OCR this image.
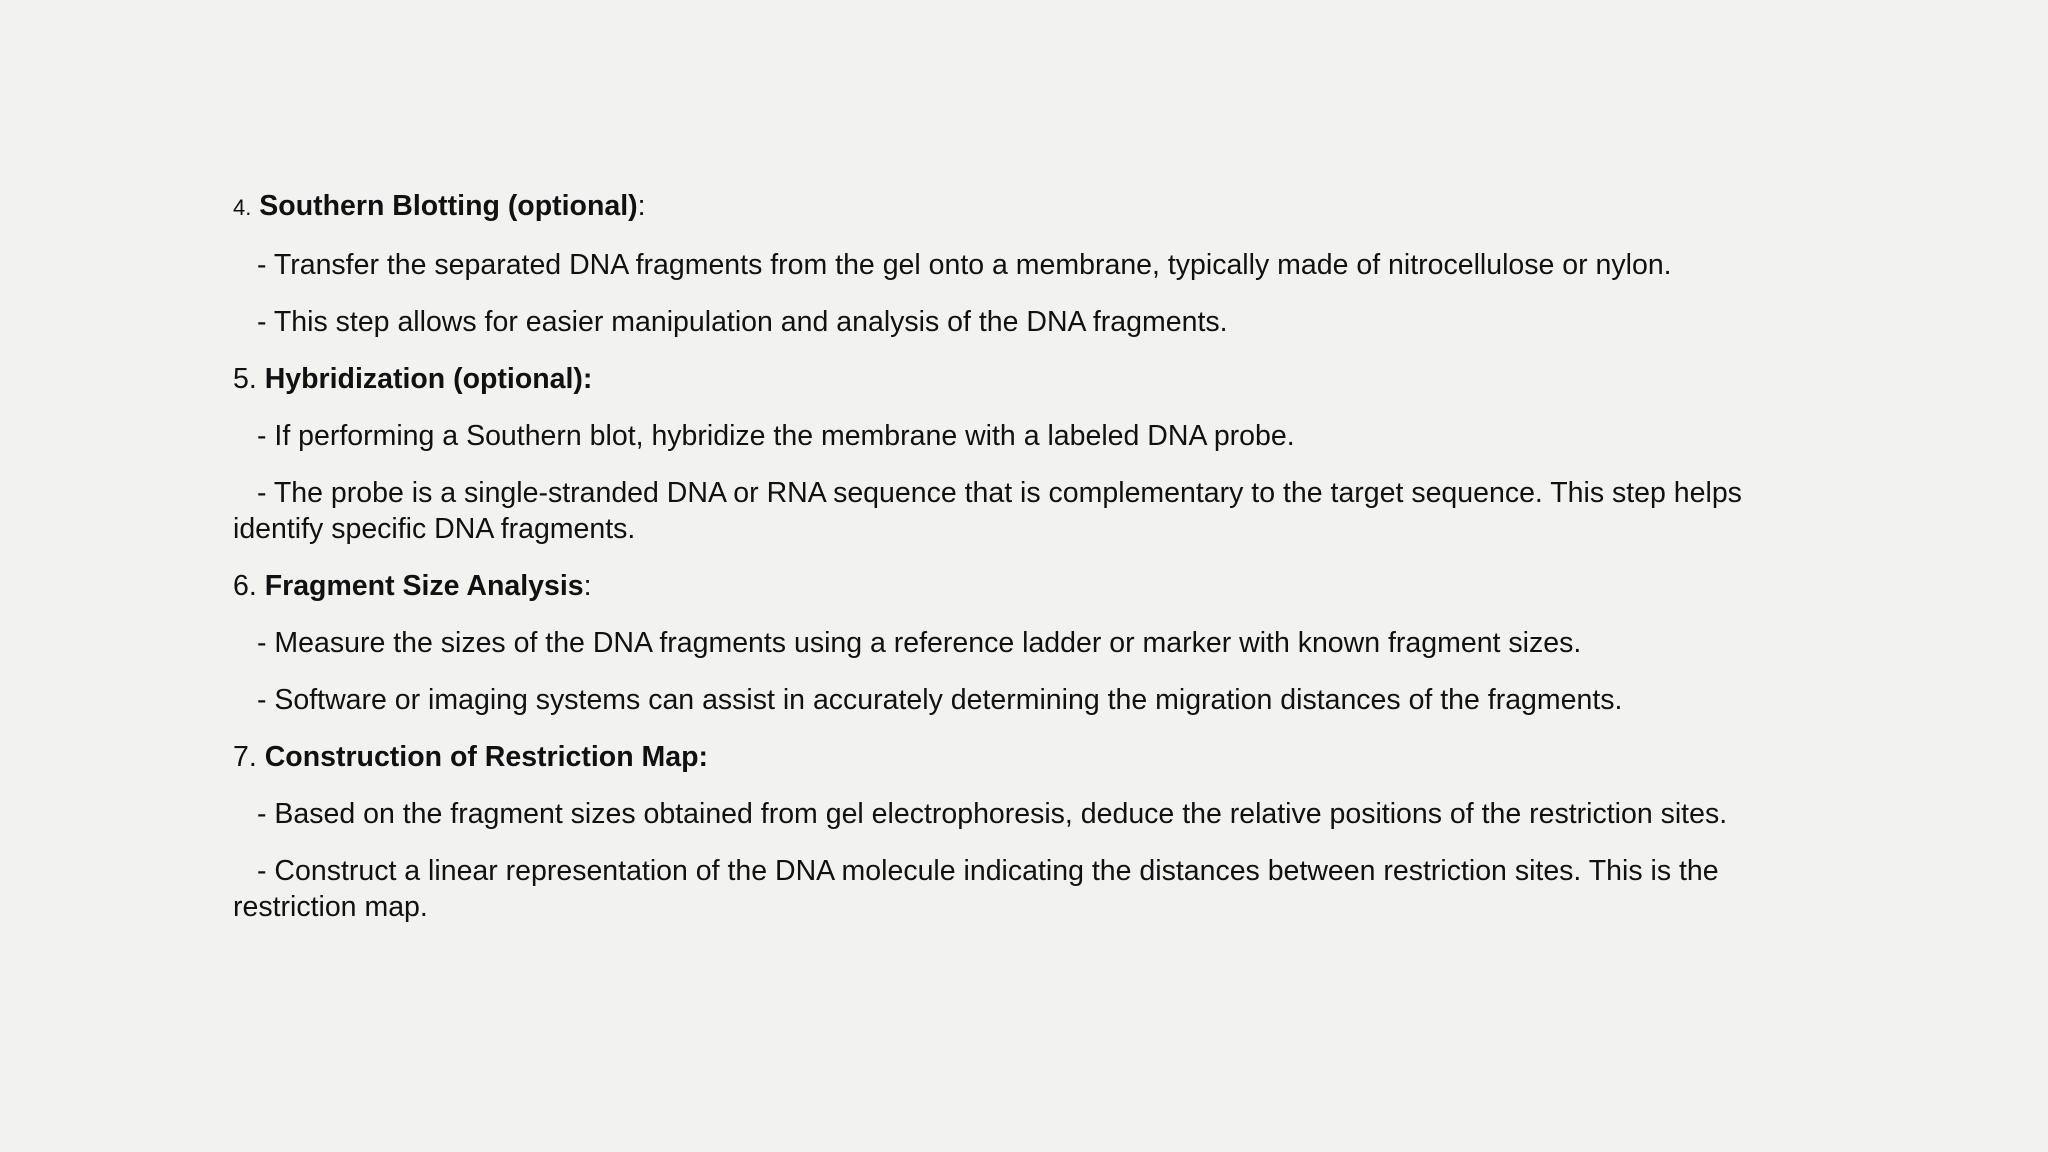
4. Southern Blotting (optional):

- Transfer the separated DNA fragments from the gel onto a membrane, typically made of nitrocellulose or nylon.

- This step allows for easier manipulation and analysis of the DNA fragments.

5. Hybridization (optional):

- If performing a Southern blot, hybridize the membrane with a labeled DNA probe.

- The probe is a single-stranded DNA or RNA sequence that is complementary to the target sequence. This step helps identify specific DNA fragments.

6. Fragment Size Analysis:

- Measure the sizes of the DNA fragments using a reference ladder or marker with known fragment sizes.

- Software or imaging systems can assist in accurately determining the migration distances of the fragments.

7. Construction of Restriction Map:

- Based on the fragment sizes obtained from gel electrophoresis, deduce the relative positions of the restriction sites.

- Construct a linear representation of the DNA molecule indicating the distances between restriction sites. This is the restriction map.
